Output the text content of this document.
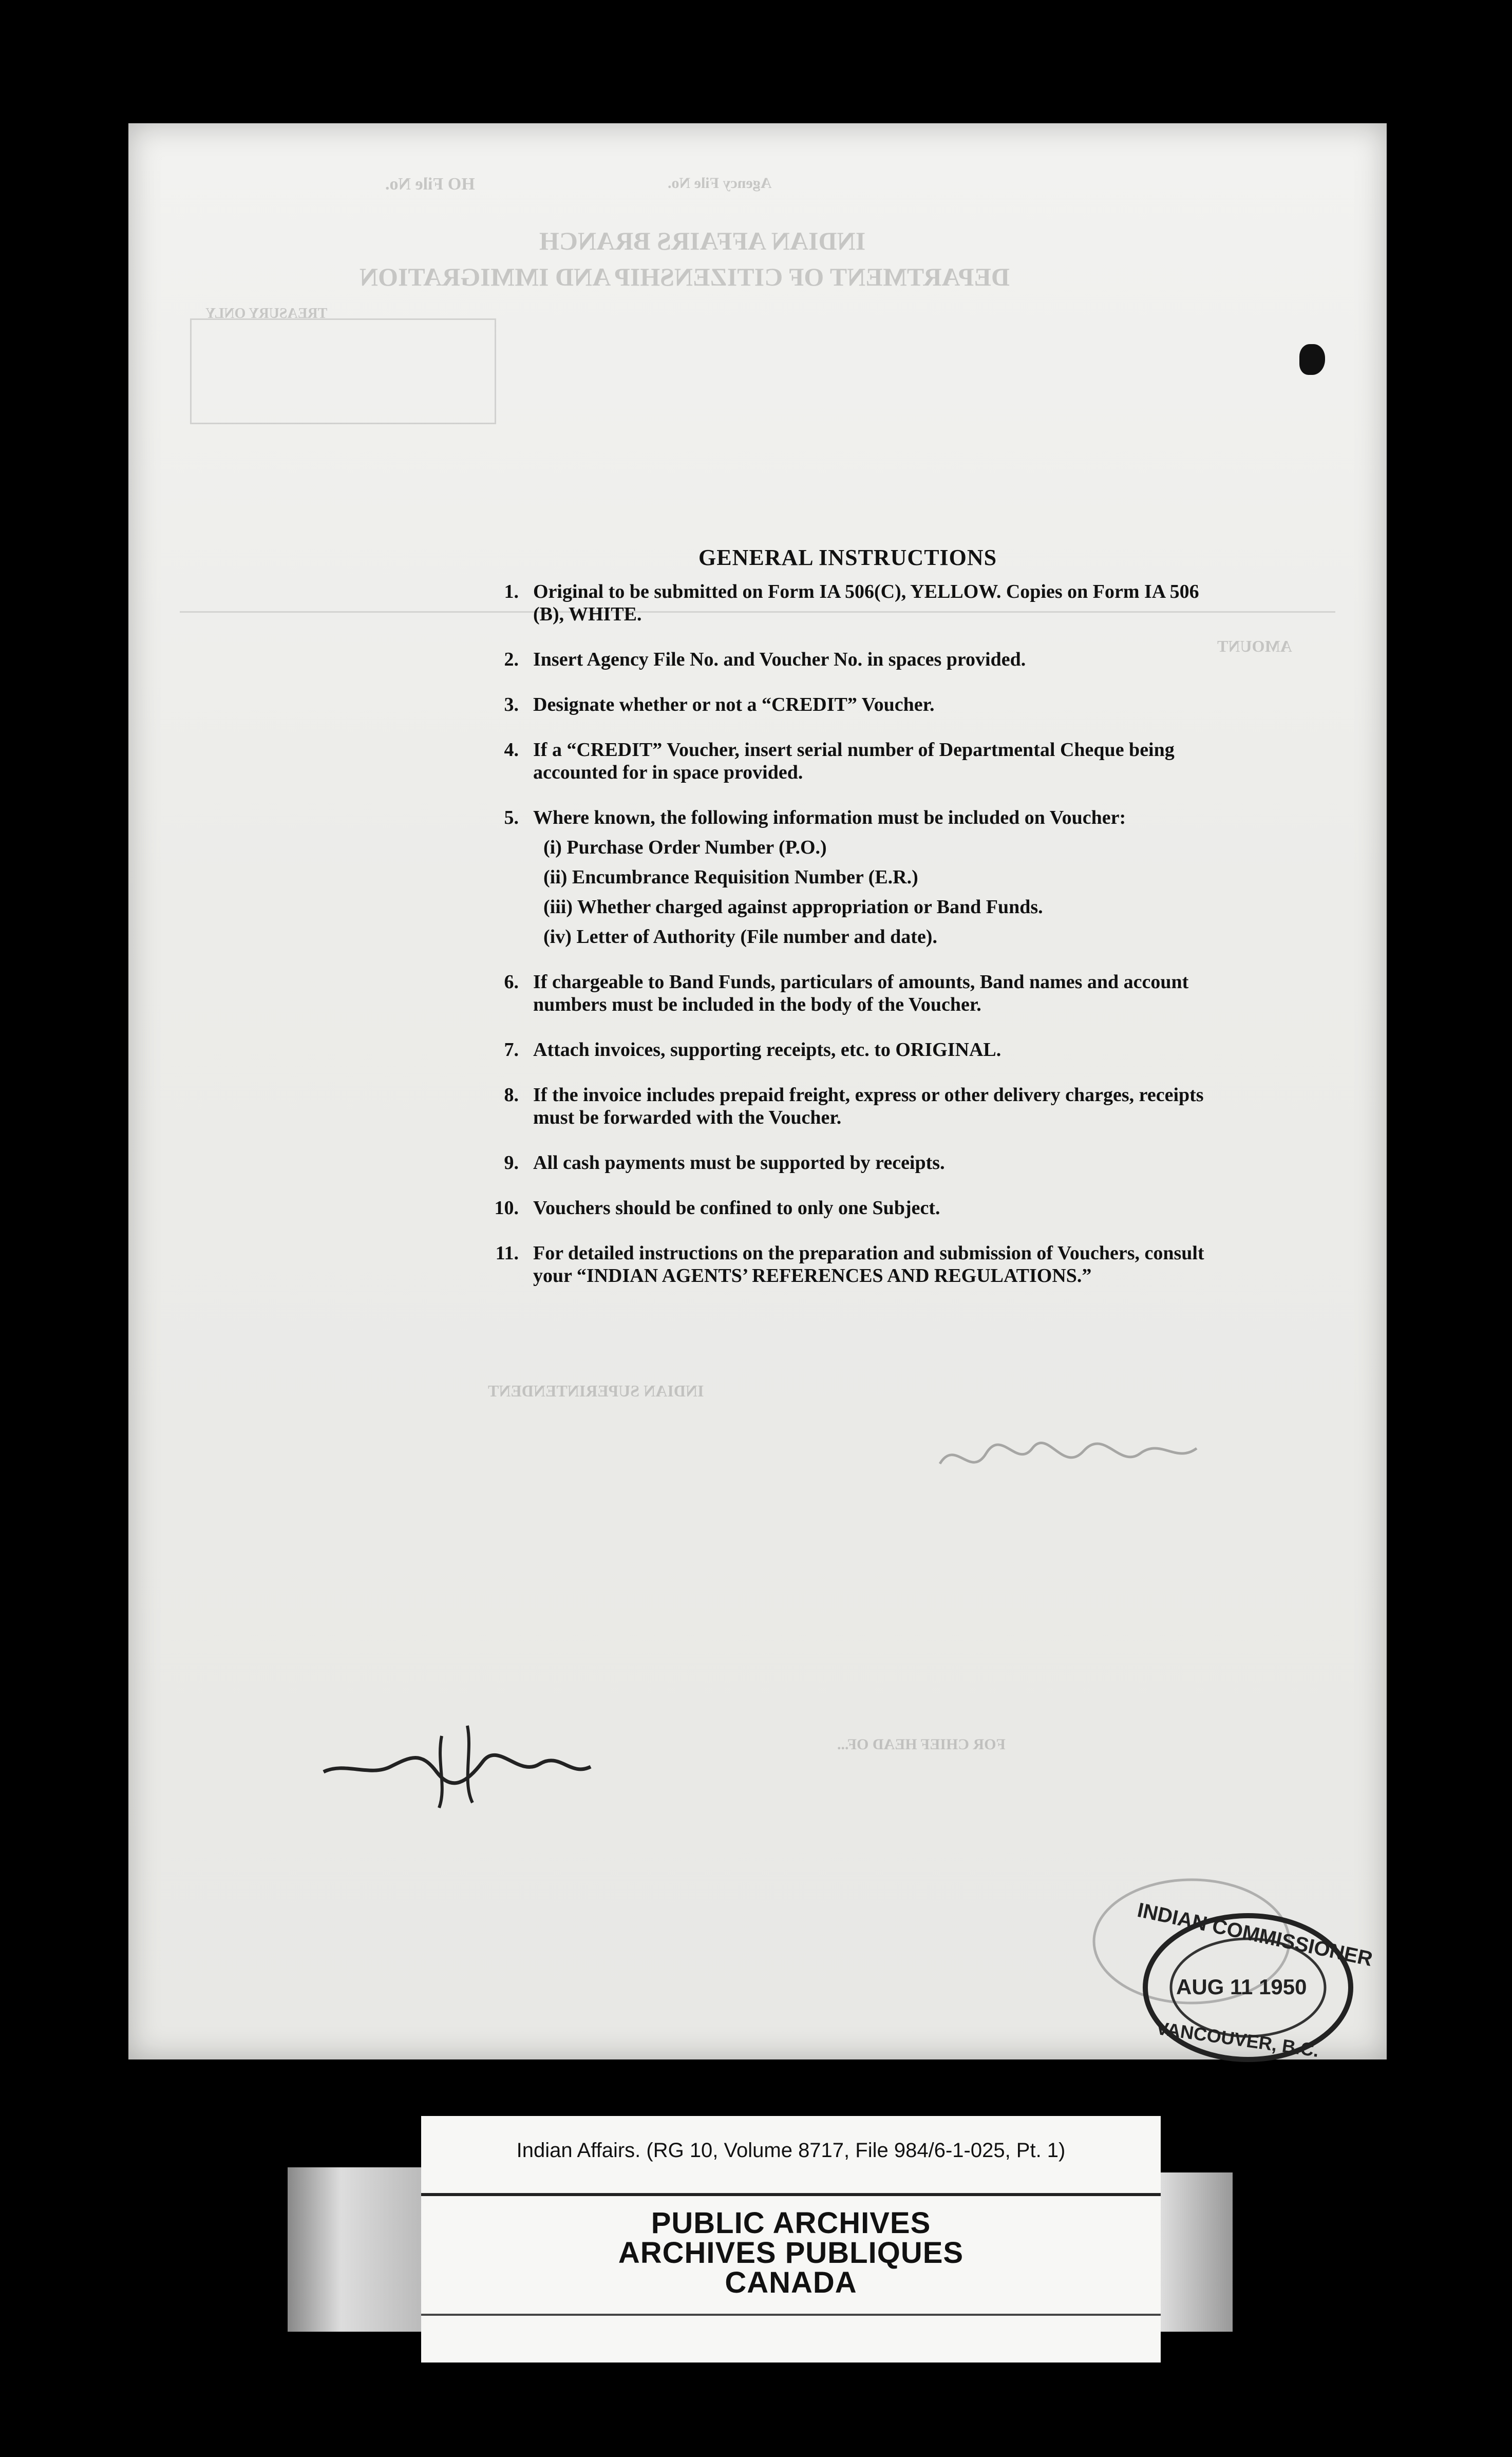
HO File No.	Agency File No.
INDIAN AFFAIRS BRANCH
DEPARTMENT OF CITIZENSHIP AND IMMIGRATION
TREASURY ONLY
AMOUNT
INDIAN SUPERINTENDENT
FOR CHIEF HEAD OF...
INDIAN COMMISSIONER
AUG 11 1950
VANCOUVER, B.C.
GENERAL INSTRUCTIONS
1. Original to be submitted on Form IA 506(C), YELLOW. Copies on Form IA 506 (B), WHITE.
2. Insert Agency File No. and Voucher No. in spaces provided.
3. Designate whether or not a “CREDIT” Voucher.
4. If a “CREDIT” Voucher, insert serial number of Departmental Cheque being accounted for in space provided.
5. Where known, the following information must be included on Voucher:
(i) Purchase Order Number (P.O.)
(ii) Encumbrance Requisition Number (E.R.)
(iii) Whether charged against appropriation or Band Funds.
(iv) Letter of Authority (File number and date).
6. If chargeable to Band Funds, particulars of amounts, Band names and account numbers must be included in the body of the Voucher.
7. Attach invoices, supporting receipts, etc. to ORIGINAL.
8. If the invoice includes prepaid freight, express or other delivery charges, receipts must be forwarded with the Voucher.
9. All cash payments must be supported by receipts.
10. Vouchers should be confined to only one Subject.
11. For detailed instructions on the preparation and submission of Vouchers, consult your “INDIAN AGENTS’ REFERENCES AND REGULATIONS.”
Indian Affairs. (RG 10, Volume 8717, File 984/6-1-025, Pt. 1)
PUBLIC ARCHIVES
ARCHIVES PUBLIQUES
CANADA
